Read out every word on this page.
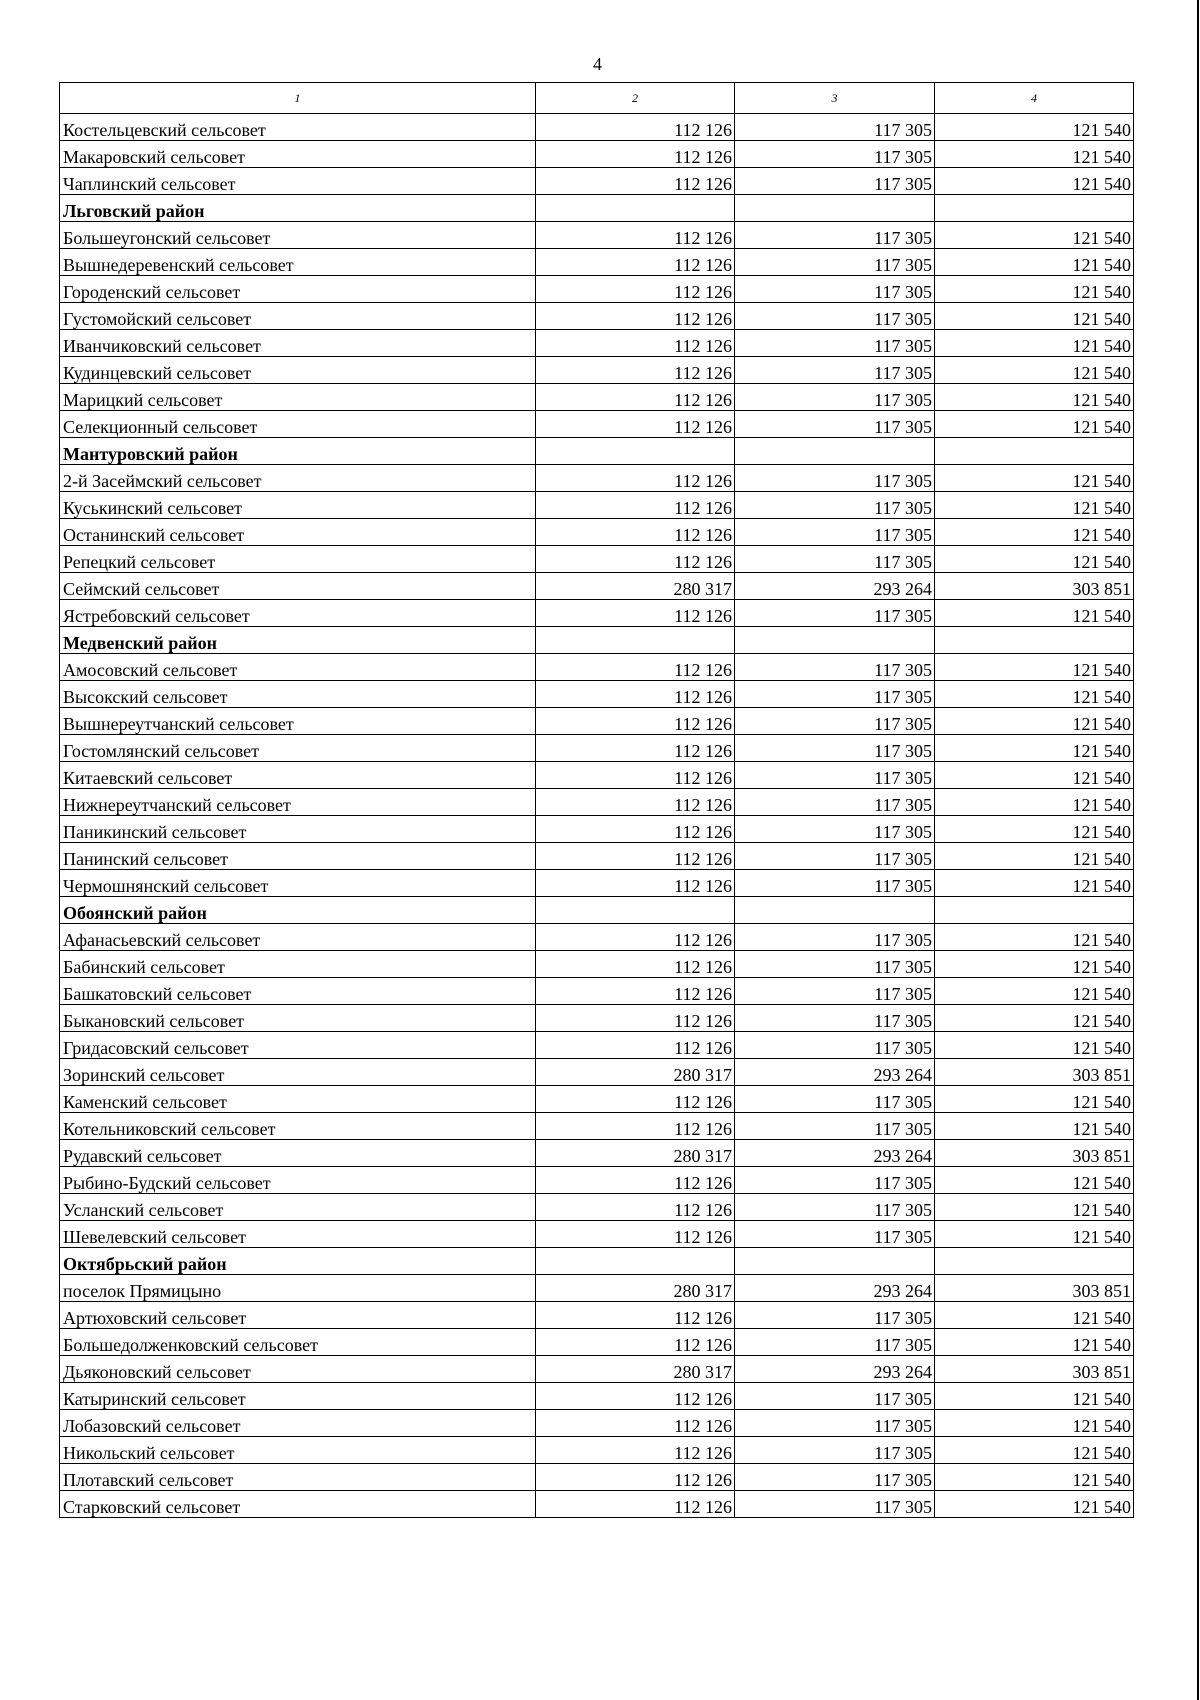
4
1	2	3	4
Костельцевский сельсовет	112 126	117 305	121 540
Макаровский сельсовет	112 126	117 305	121 540
Чаплинский сельсовет	112 126	117 305	121 540
Льговский район			
Большеугонский сельсовет	112 126	117 305	121 540
Вышнедеревенский сельсовет	112 126	117 305	121 540
Городенский сельсовет	112 126	117 305	121 540
Густомойский сельсовет	112 126	117 305	121 540
Иванчиковский сельсовет	112 126	117 305	121 540
Кудинцевский сельсовет	112 126	117 305	121 540
Марицкий сельсовет	112 126	117 305	121 540
Селекционный сельсовет	112 126	117 305	121 540
Мантуровский район			
2-й Засеймский сельсовет	112 126	117 305	121 540
Куськинский сельсовет	112 126	117 305	121 540
Останинский сельсовет	112 126	117 305	121 540
Репецкий сельсовет	112 126	117 305	121 540
Сеймский сельсовет	280 317	293 264	303 851
Ястребовский сельсовет	112 126	117 305	121 540
Медвенский район			
Амосовский сельсовет	112 126	117 305	121 540
Высокский сельсовет	112 126	117 305	121 540
Вышнереутчанский сельсовет	112 126	117 305	121 540
Гостомлянский сельсовет	112 126	117 305	121 540
Китаевский сельсовет	112 126	117 305	121 540
Нижнереутчанский сельсовет	112 126	117 305	121 540
Паникинский сельсовет	112 126	117 305	121 540
Панинский сельсовет	112 126	117 305	121 540
Чермошнянский сельсовет	112 126	117 305	121 540
Обоянский район			
Афанасьевский сельсовет	112 126	117 305	121 540
Бабинский сельсовет	112 126	117 305	121 540
Башкатовский сельсовет	112 126	117 305	121 540
Быкановский сельсовет	112 126	117 305	121 540
Гридасовский сельсовет	112 126	117 305	121 540
Зоринский сельсовет	280 317	293 264	303 851
Каменский сельсовет	112 126	117 305	121 540
Котельниковский сельсовет	112 126	117 305	121 540
Рудавский сельсовет	280 317	293 264	303 851
Рыбино-Будский сельсовет	112 126	117 305	121 540
Усланский сельсовет	112 126	117 305	121 540
Шевелевский сельсовет	112 126	117 305	121 540
Октябрьский район			
поселок Прямицыно	280 317	293 264	303 851
Артюховский сельсовет	112 126	117 305	121 540
Большедолженковский сельсовет	112 126	117 305	121 540
Дьяконовский сельсовет	280 317	293 264	303 851
Катыринский сельсовет	112 126	117 305	121 540
Лобазовский сельсовет	112 126	117 305	121 540
Никольский сельсовет	112 126	117 305	121 540
Плотавский сельсовет	112 126	117 305	121 540
Старковский сельсовет	112 126	117 305	121 540
